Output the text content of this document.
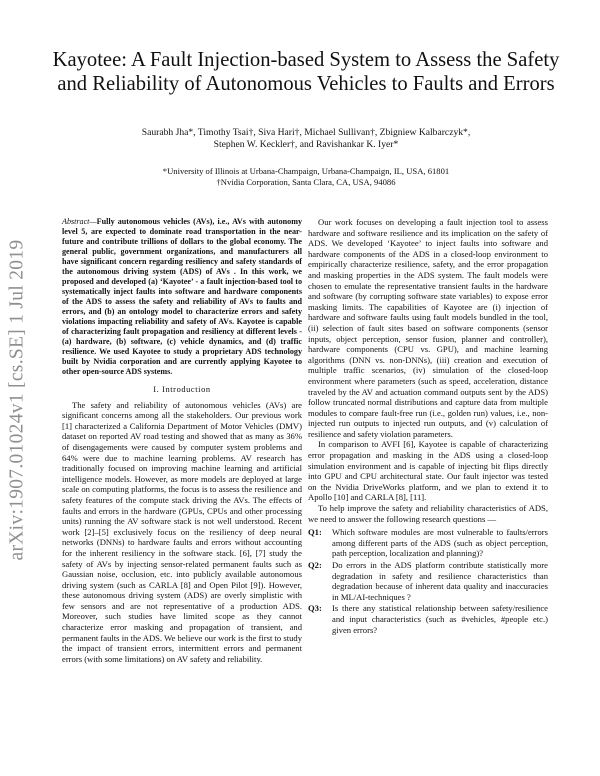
arXiv:1907.01024v1 [cs.SE] 1 Jul 2019
Kayotee: A Fault Injection-based System to Assess the Safety and Reliability of Autonomous Vehicles to Faults and Errors
Saurabh Jha*, Timothy Tsai†, Siva Hari†, Michael Sullivan†, Zbigniew Kalbarczyk*,
Stephen W. Keckler†, and Ravishankar K. Iyer*
*University of Illinois at Urbana-Champaign, Urbana-Champaign, IL, USA, 61801
†Nvidia Corporation, Santa Clara, CA, USA, 94086

Abstract—Fully autonomous vehicles (AVs), i.e., AVs with autonomy level 5, are expected to dominate road transportation in the near-future and contribute trillions of dollars to the global economy. The general public, government organizations, and manufacturers all have significant concern regarding resiliency and safety standards of the autonomous driving system (ADS) of AVs . In this work, we proposed and developed (a) ‘Kayotee’ - a fault injection-based tool to systematically inject faults into software and hardware components of the ADS to assess the safety and reliability of AVs to faults and errors, and (b) an ontology model to characterize errors and safety violations impacting reliability and safety of AVs. Kayotee is capable of characterizing fault propagation and resiliency at different levels - (a) hardware, (b) software, (c) vehicle dynamics, and (d) traffic resilience. We used Kayotee to study a proprietary ADS technology built by Nvidia corporation and are currently applying Kayotee to other open-source ADS systems.

I. Introduction

The safety and reliability of autonomous vehicles (AVs) are significant concerns among all the stakeholders. Our previous work [1] characterized a California Department of Motor Vehicles (DMV) dataset on reported AV road testing and showed that as many as 36% of disengagements were caused by computer system problems and 64% were due to machine learning problems. AV research has traditionally focused on improving machine learning and artificial intelligence models. However, as more models are deployed at large scale on computing platforms, the focus is to assess the resilience and safety features of the compute stack driving the AVs. The effects of faults and errors in the hardware (GPUs, CPUs and other processing units) running the AV software stack is not well understood. Recent work [2]–[5] exclusively focus on the resiliency of deep neural networks (DNNs) to hardware faults and errors without accounting for the inherent resiliency in the software stack. [6], [7] study the safety of AVs by injecting sensor-related permanent faults such as Gaussian noise, occlusion, etc. into publicly available autonomous driving system (such as CARLA [8] and Open Pilot [9]). However, these autonomous driving system (ADS) are overly simplistic with few sensors and are not representative of a production ADS. Moreover, such studies have limited scope as they cannot characterize error masking and propagation of transient, and permanent faults in the ADS. We believe our work is the first to study the impact of transient errors, intermittent errors and permanent errors (with some limitations) on AV safety and reliability.

Our work focuses on developing a fault injection tool to assess hardware and software resilience and its implication on the safety of ADS. We developed ‘Kayotee’ to inject faults into software and hardware components of the ADS in a closed-loop environment to empirically characterize resilience, safety, and the error propagation and masking properties in the ADS system. The fault models were chosen to emulate the representative transient faults in the hardware and software (by corrupting software state variables) to expose error masking limits. The capabilities of Kayotee are (i) injection of hardware and software faults using fault models bundled in the tool, (ii) selection of fault sites based on software components (sensor inputs, object perception, sensor fusion, planner and controller), hardware components (CPU vs. GPU), and machine learning algorithms (DNN vs. non-DNNs), (iii) creation and execution of multiple traffic scenarios, (iv) simulation of the closed-loop environment where parameters (such as speed, acceleration, distance traveled by the AV and actuation command outputs sent by the ADS) follow truncated normal distributions and capture data from multiple modules to compare fault-free run (i.e., golden run) values, i.e., non-injected run outputs to injected run outputs, and (v) calculation of resilience and safety violation parameters.

In comparison to AVFI [6], Kayotee is capable of characterizing error propagation and masking in the ADS using a closed-loop simulation environment and is capable of injecting bit flips directly into GPU and CPU architectural state. Our fault injector was tested on the Nvidia DriveWorks platform, and we plan to extend it to Apollo [10] and CARLA [8], [11].

To help improve the safety and reliability characteristics of ADS, we need to answer the following research questions —

Q1:	Which software modules are most vulnerable to faults/errors among different parts of the ADS (such as object perception, path perception, localization and planning)?
Q2:	Do errors in the ADS platform contribute statistically more degradation in safety and resilience characteristics than degradation because of inherent data quality and inaccuracies in ML/AI-techniques ?
Q3:	Is there any statistical relationship between safety/resilience and input characteristics (such as #vehicles, #people etc.) given errors?
